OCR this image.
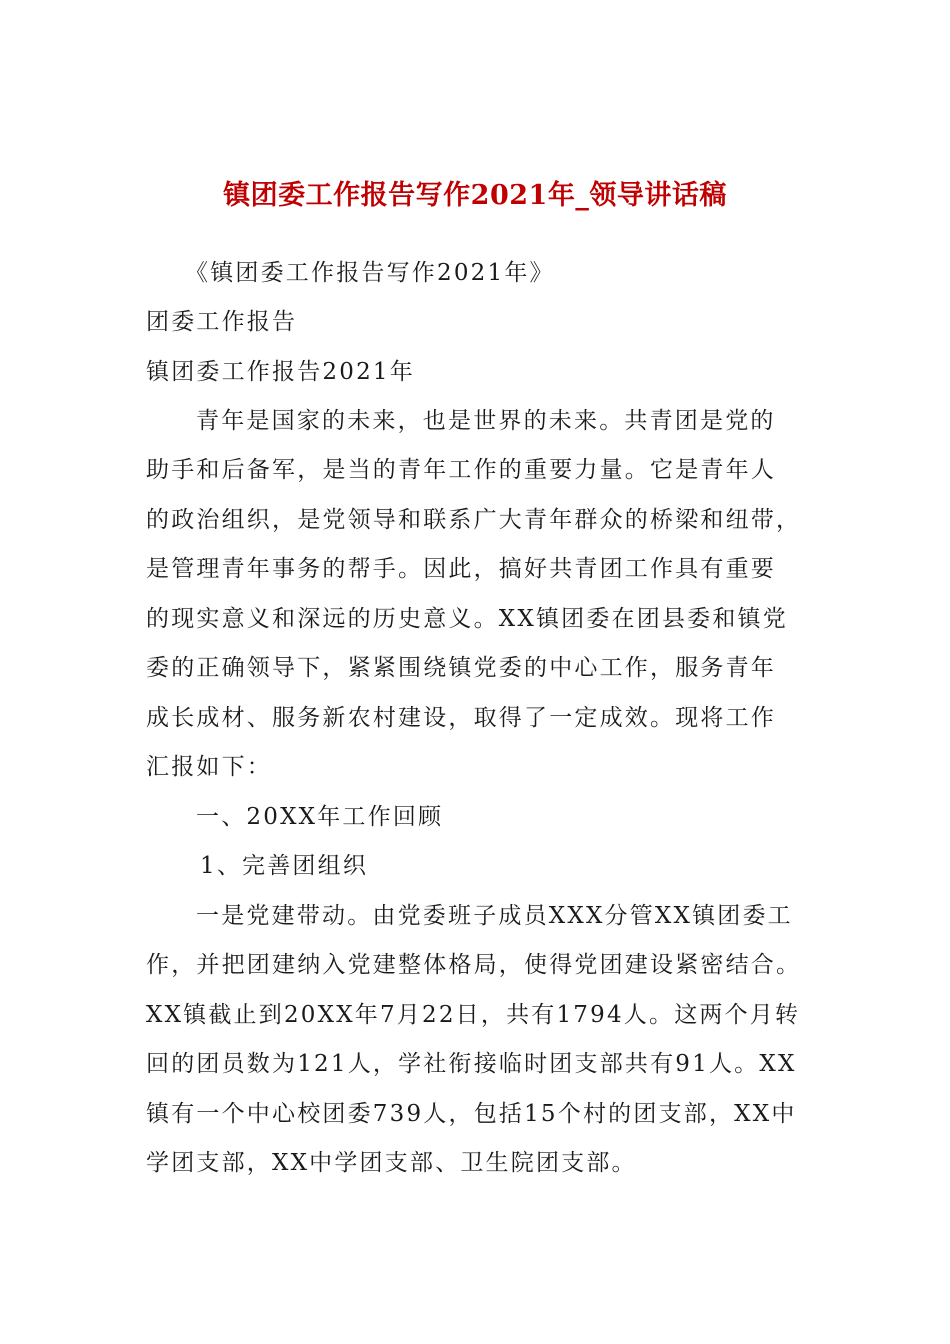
镇团委工作报告写作2021年_领导讲话稿

《镇团委工作报告写作2021年》

团委工作报告

镇团委工作报告2021年

青年是国家的未来，也是世界的未来。共青团是党的

助手和后备军，是当的青年工作的重要力量。它是青年人

的政治组织，是党领导和联系广大青年群众的桥梁和纽带，

是管理青年事务的帮手。因此，搞好共青团工作具有重要

的现实意义和深远的历史意义。XX镇团委在团县委和镇党

委的正确领导下，紧紧围绕镇党委的中心工作，服务青年

成长成材、服务新农村建设，取得了一定成效。现将工作

汇报如下：

一、20XX年工作回顾

1、完善团组织

一是党建带动。由党委班子成员XXX分管XX镇团委工

作，并把团建纳入党建整体格局，使得党团建设紧密结合。

XX镇截止到20XX年7月22日，共有1794人。这两个月转

回的团员数为121人，学社衔接临时团支部共有91人。XX

镇有一个中心校团委739人，包括15个村的团支部，XX中

学团支部，XX中学团支部、卫生院团支部。
